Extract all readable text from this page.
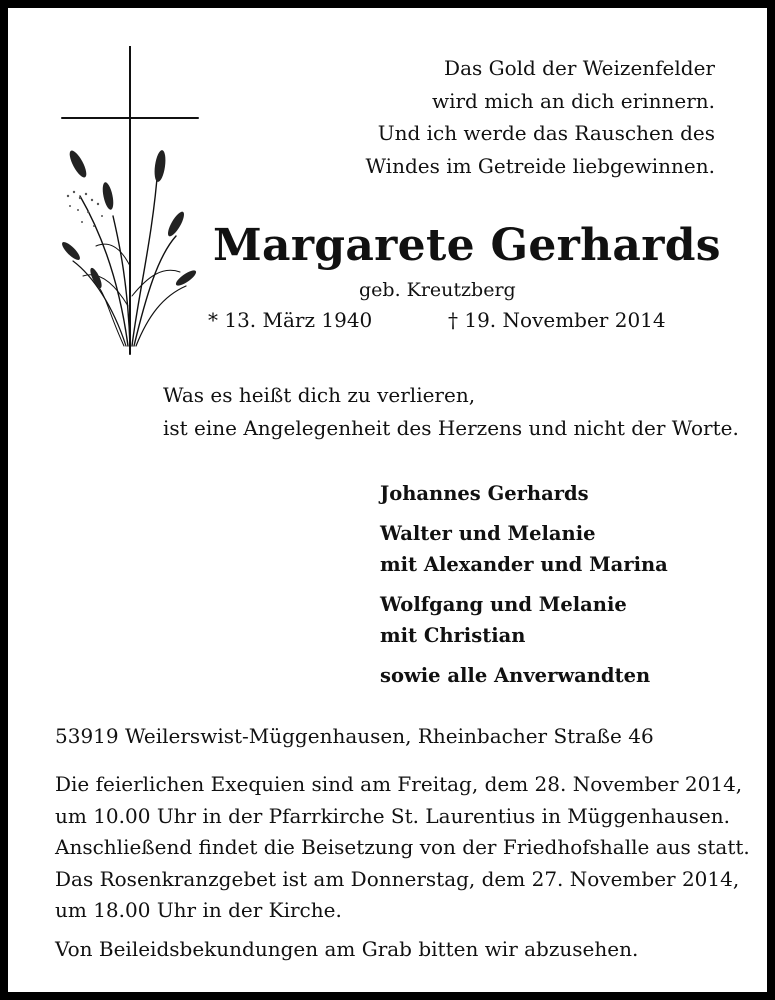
Das Gold der Weizenfelder
wird mich an dich erinnern.
Und ich werde das Rauschen des
Windes im Getreide liebgewinnen.
Margarete Gerhards
geb. Kreutzberg
* 13. März 1940	† 19. November 2014
Was es heißt dich zu verlieren,
ist eine Angelegenheit des Herzens und nicht der Worte.
Johannes Gerhards
Walter und Melanie
mit Alexander und Marina
Wolfgang und Melanie
mit Christian
sowie alle Anverwandten
53919 Weilerswist-Müggenhausen, Rheinbacher Straße 46
Die feierlichen Exequien sind am Freitag, dem 28. November 2014,
um 10.00 Uhr in der Pfarrkirche St. Laurentius in Müggenhausen.
Anschließend findet die Beisetzung von der Friedhofshalle aus statt.
Das Rosenkranzgebet ist am Donnerstag, dem 27. November 2014,
um 18.00 Uhr in der Kirche.
Von Beileidsbekundungen am Grab bitten wir abzusehen.
